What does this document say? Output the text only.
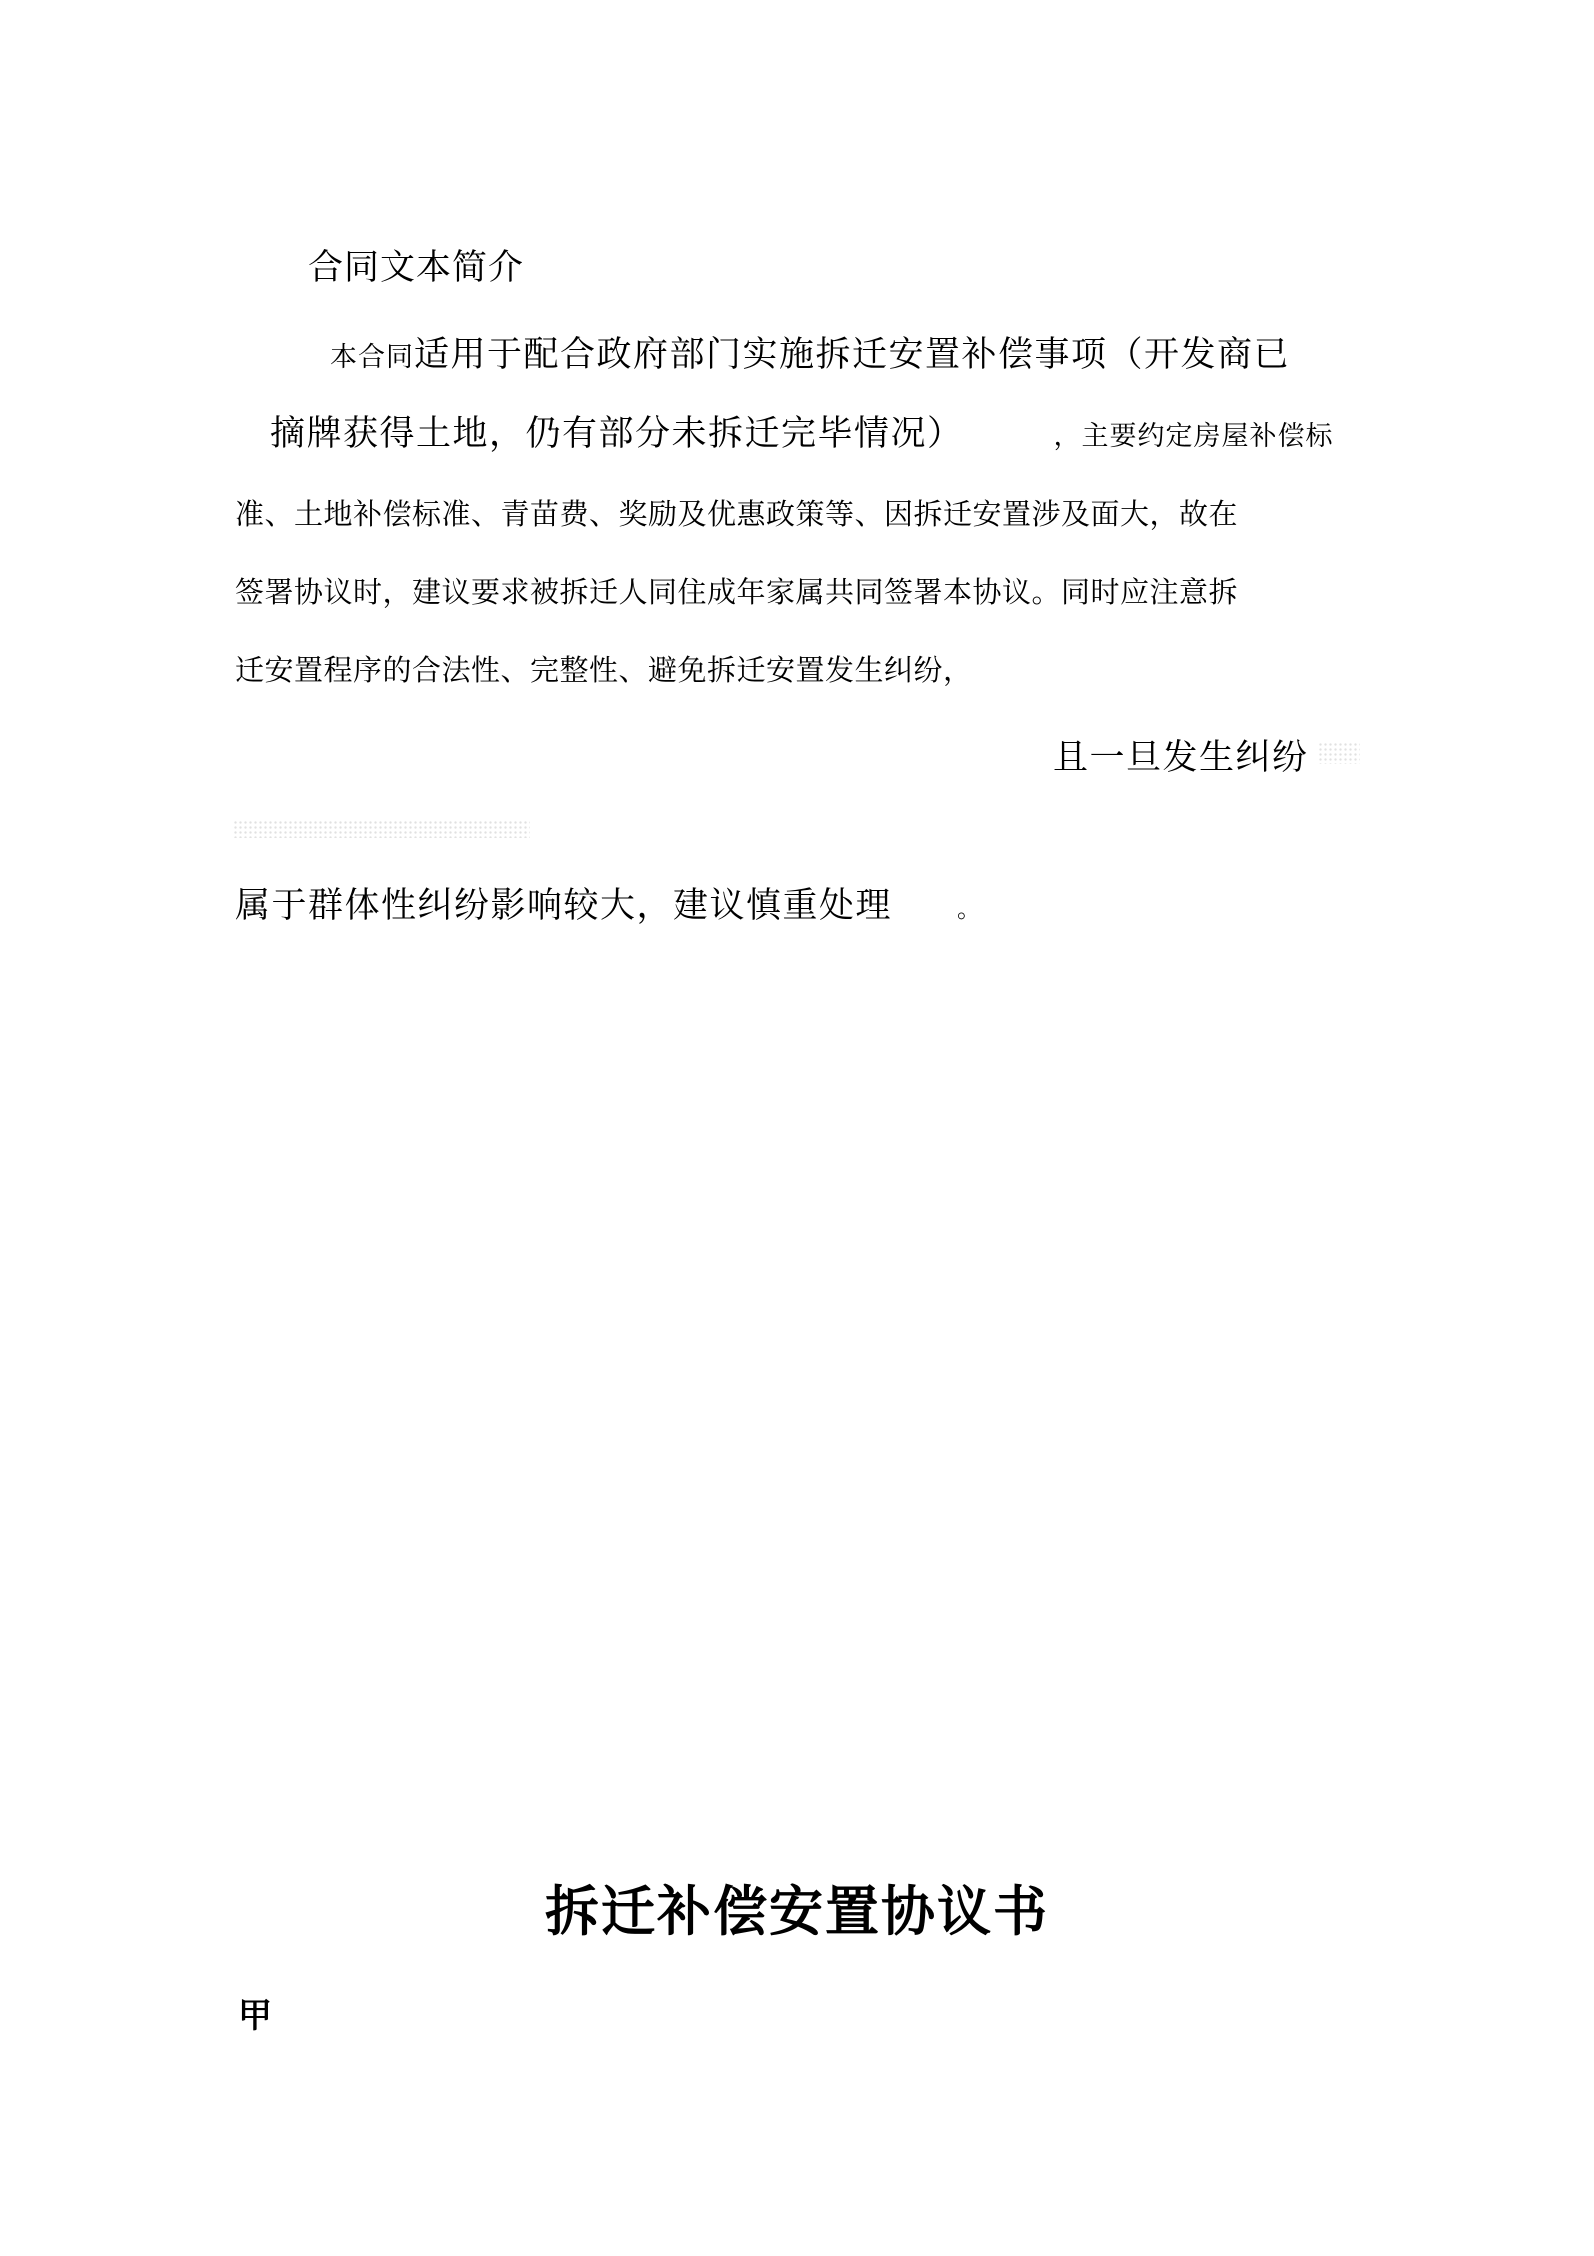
合同文本简介
本合同适用于配合政府部门实施拆迁安置补偿事项（开发商已
摘牌获得土地，仍有部分未拆迁完毕情况）	，主要约定房屋补偿标
准、土地补偿标准、青苗费、奖励及优惠政策等、因拆迁安置涉及面大，故在
签署协议时，建议要求被拆迁人同住成年家属共同签署本协议。同时应注意拆
迁安置程序的合法性、完整性、避免拆迁安置发生纠纷，
且一旦发生纠纷
属于群体性纠纷影响较大，建议慎重处理	。
拆迁补偿安置协议书
甲
